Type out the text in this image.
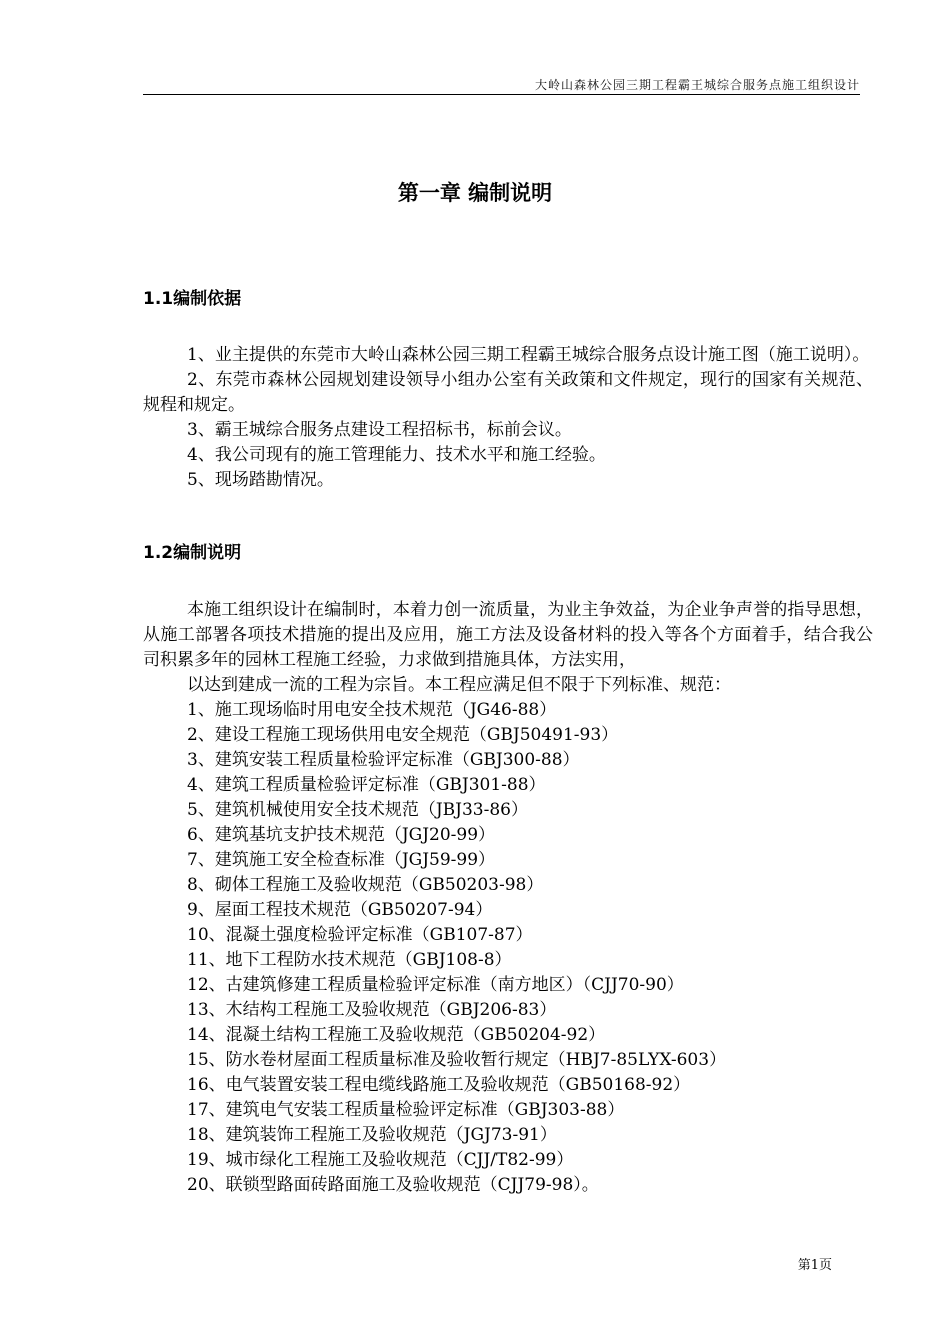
大岭山森林公园三期工程霸王城综合服务点施工组织设计
第一章 编制说明
1.1编制依据

1、业主提供的东莞市大岭山森林公园三期工程霸王城综合服务点设计施工图（施工说明）。

2、东莞市森林公园规划建设领导小组办公室有关政策和文件规定，现行的国家有关规范、规程和规定。

3、霸王城综合服务点建设工程招标书，标前会议。

4、我公司现有的施工管理能力、技术水平和施工经验。

5、现场踏勘情况。

1.2编制说明

本施工组织设计在编制时，本着力创一流质量，为业主争效益，为企业争声誉的指导思想，从施工部署各项技术措施的提出及应用，施工方法及设备材料的投入等各个方面着手，结合我公司积累多年的园林工程施工经验，力求做到措施具体，方法实用，

以达到建成一流的工程为宗旨。本工程应满足但不限于下列标准、规范：

1、施工现场临时用电安全技术规范（JG46-88）

2、建设工程施工现场供用电安全规范（GBJ50491-93）

3、建筑安装工程质量检验评定标准（GBJ300-88）

4、建筑工程质量检验评定标准（GBJ301-88）

5、建筑机械使用安全技术规范（JBJ33-86）

6、建筑基坑支护技术规范（JGJ20-99）

7、建筑施工安全检查标准（JGJ59-99）

8、砌体工程施工及验收规范（GB50203-98）

9、屋面工程技术规范（GB50207-94）

10、混凝土强度检验评定标准（GB107-87）

11、地下工程防水技术规范（GBJ108-8）

12、古建筑修建工程质量检验评定标准（南方地区）（CJJ70-90）

13、木结构工程施工及验收规范（GBJ206-83）

14、混凝土结构工程施工及验收规范（GB50204-92）

15、防水卷材屋面工程质量标准及验收暂行规定（HBJ7-85LYX-603）

16、电气装置安装工程电缆线路施工及验收规范（GB50168-92）

17、建筑电气安装工程质量检验评定标准（GBJ303-88）

18、建筑装饰工程施工及验收规范（JGJ73-91）

19、城市绿化工程施工及验收规范（CJJ/T82-99）

20、联锁型路面砖路面施工及验收规范（CJJ79-98）。

第1页
